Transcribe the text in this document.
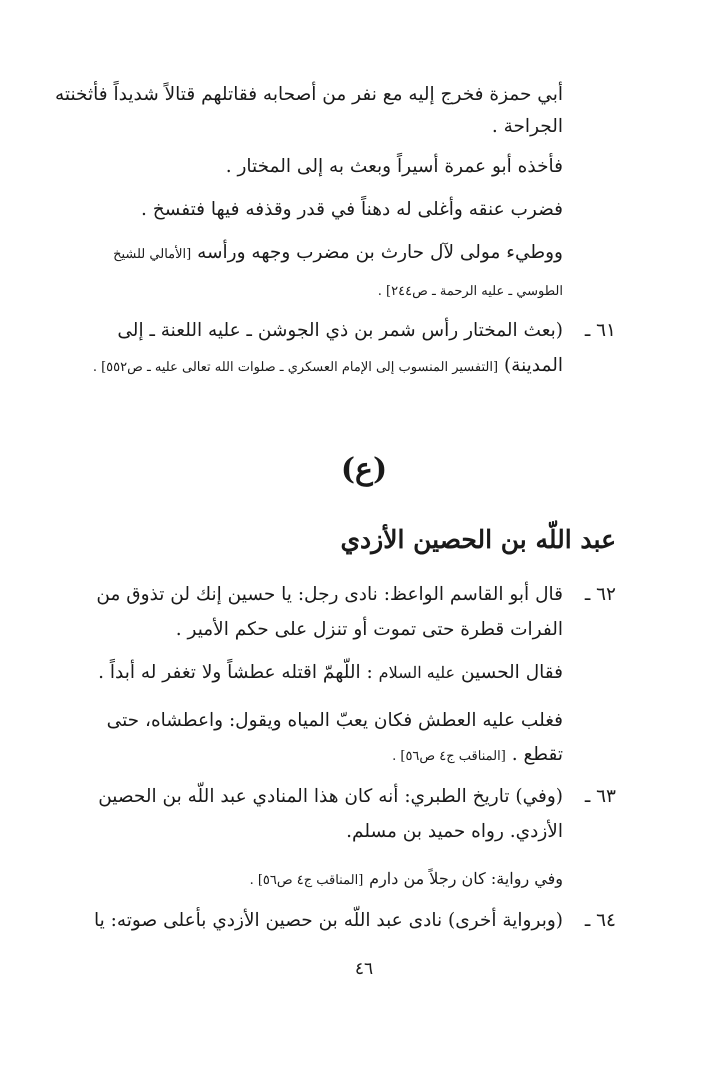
أبي حمزة فخرج إليه مع نفر من أصحابه فقاتلهم قتالاً شديداً فأثخنته
الجراحة .
فأخذه أبو عمرة أسيراً وبعث به إلى المختار .
فضرب عنقه وأغلى له دهناً في قدر وقذفه فيها فتفسخ .
ووطيء مولى لآل حارث بن مضرب وجهه ورأسه [الأمالي للشيخ
الطوسي ـ عليه الرحمة ـ ص٢٤٤] .
٦١ ـ
(بعث المختار رأس شمر بن ذي الجوشن ـ عليه اللعنة ـ إلى
المدينة) [التفسير المنسوب إلى الإمام العسكري ـ صلوات الله تعالى عليه ـ ص٥٥٢] .
(ع)
عبد اللّه بن الحصين الأزدي
٦٢ ـ
قال أبو القاسم الواعظ: نادى رجل: يا حسين إنك لن تذوق من
الفرات قطرة حتى تموت أو تنزل على حكم الأمير .
فقال الحسين عليه السلام : اللّهمّ اقتله عطشاً ولا تغفر له أبداً .
فغلب عليه العطش فكان يعبّ المياه ويقول: واعطشاه، حتى
تقطع . [المناقب ج٤ ص٥٦] .
٦٣ ـ
(وفي) تاريخ الطبري: أنه كان هذا المنادي عبد اللّه بن الحصين
الأزدي. رواه حميد بن مسلم.
وفي رواية: كان رجلاً من دارم [المناقب ج٤ ص٥٦] .
٦٤ ـ
(وبرواية أخرى) نادى عبد اللّه بن حصين الأزدي بأعلى صوته: يا
٤٦
